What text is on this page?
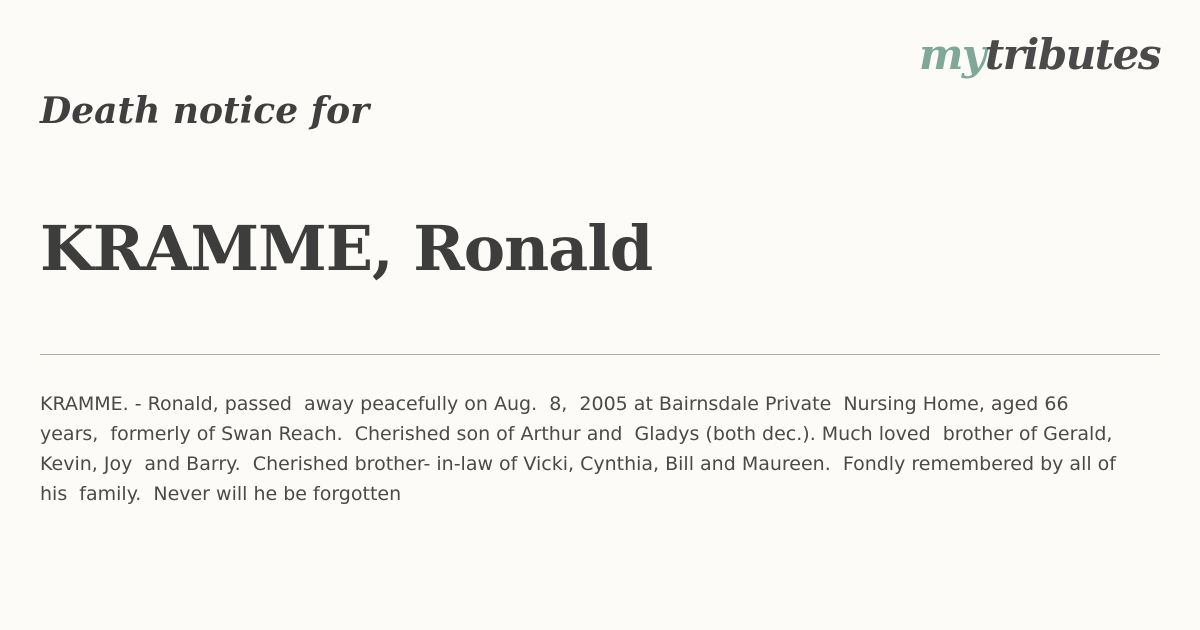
mytributes
Death notice for
KRAMME, Ronald

KRAMME. - Ronald, passed  away peacefully on Aug.  8,  2005 at Bairnsdale Private  Nursing Home, aged 66 years,  formerly of Swan Reach.  Cherished son of Arthur and  Gladys (both dec.). Much loved  brother of Gerald, Kevin, Joy  and Barry.  Cherished brother- in-law of Vicki, Cynthia, Bill and Maureen.  Fondly remembered by all of his  family.  Never will he be forgotten
